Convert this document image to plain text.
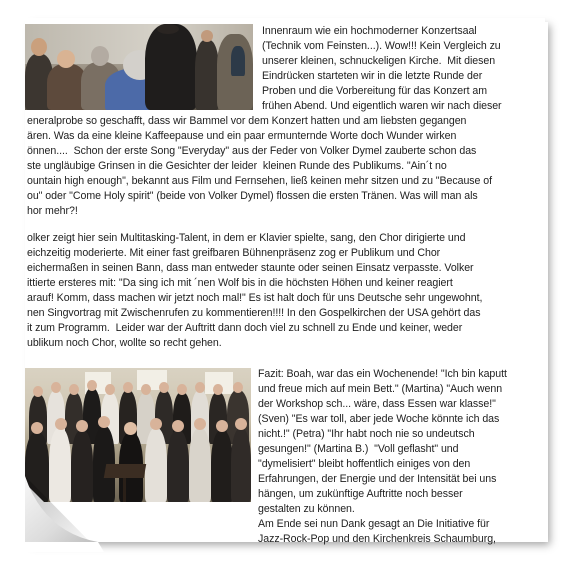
Innenraum wie ein hochmoderner Konzertsaal
(Technik vom Feinsten...). Wow!!! Kein Vergleich zu
unserer kleinen, schnuckeligen Kirche.  Mit diesen
Eindrücken starteten wir in die letzte Runde der
Proben und die Vorbereitung für das Konzert am
frühen Abend. Und eigentlich waren wir nach dieser
eneralprobe so geschafft, dass wir Bammel vor dem Konzert hatten und am liebsten gegangen
ären. Was da eine kleine Kaffeepause und ein paar ermunternde Worte doch Wunder wirken
önnen....  Schon der erste Song "Everyday" aus der Feder von Volker Dymel zauberte schon das
ste ungläubige Grinsen in die Gesichter der leider  kleinen Runde des Publikums. "Ain´t no
ountain high enough", bekannt aus Film und Fernsehen, ließ keinen mehr sitzen und zu "Because of
ou" oder "Come Holy spirit" (beide von Volker Dymel) flossen die ersten Tränen. Was will man als
hor mehr?!
olker zeigt hier sein Multitasking-Talent, in dem er Klavier spielte, sang, den Chor dirigierte und
eichzeitig moderierte. Mit einer fast greifbaren Bühnenpräsenz zog er Publikum und Chor
eichermaßen in seinen Bann, dass man entweder staunte oder seinen Einsatz verpasste. Volker
ittierte ersteres mit: "Da sing ich mit ´nen Wolf bis in die höchsten Höhen und keiner reagiert
arauf! Komm, dass machen wir jetzt noch mal!" Es ist halt doch für uns Deutsche sehr ungewohnt,
nen Singvortrag mit Zwischenrufen zu kommentieren!!!! In den Gospelkirchen der USA gehört das
it zum Programm.  Leider war der Auftritt dann doch viel zu schnell zu Ende und keiner, weder
ublikum noch Chor, wollte so recht gehen.
Fazit: Boah, war das ein Wochenende! "Ich bin kaputt
und freue mich auf mein Bett." (Martina) "Auch wenn
der Workshop sch... wäre, dass Essen war klasse!"
(Sven) "Es war toll, aber jede Woche könnte ich das
nicht.!" (Petra) "Ihr habt noch nie so undeutsch
gesungen!" (Martina B.)  "Voll geflasht" und
"dymelisiert" bleibt hoffentlich einiges von den
Erfahrungen, der Energie und der Intensität bei uns
hängen, um zukünftige Auftritte noch besser
gestalten zu können.
Am Ende sei nun Dank gesagt an Die Initiative für
Jazz-Rock-Pop und den Kirchenkreis Schaumburg,
